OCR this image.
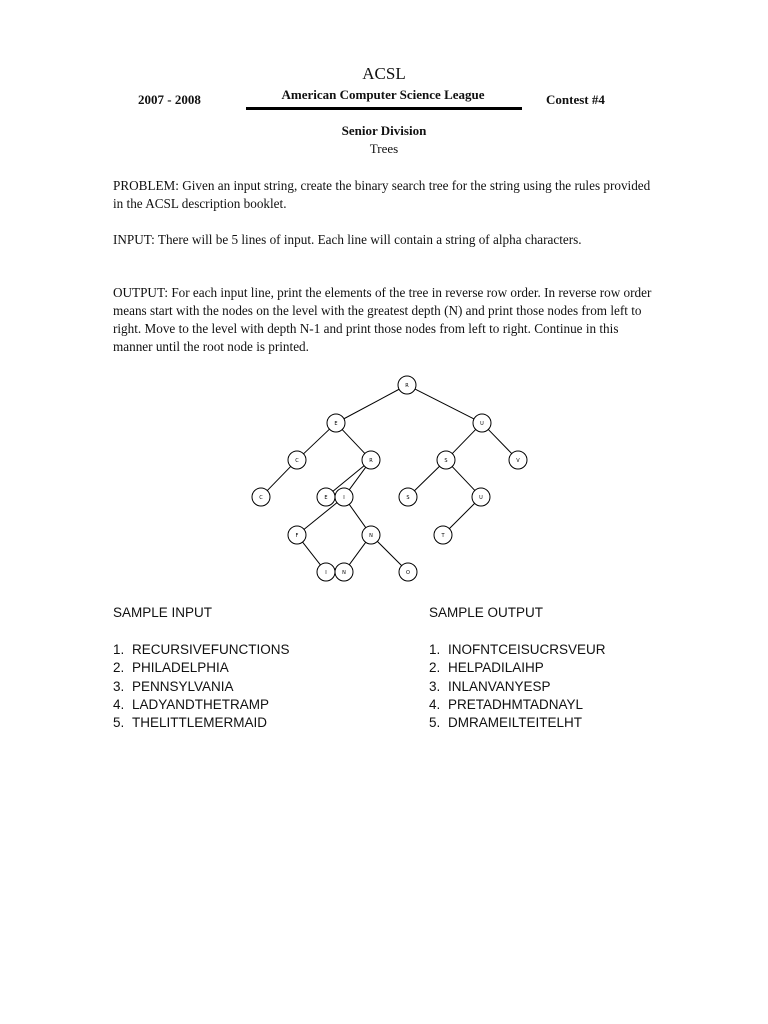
ACSL
2007 - 2008	American Computer Science League	Contest #4
Senior Division
Trees
PROBLEM: Given an input string, create the binary search tree for the string using the rules provided in the ACSL description booklet.
INPUT: There will be 5 lines of input. Each line will contain a string of alpha characters.
OUTPUT: For each input line, print the elements of the tree in reverse row order. In reverse row order means start with the nodes on the level with the greatest depth (N) and print those nodes from left to right. Move to the level with depth N-1 and print those nodes from left to right. Continue in this manner until the root node is printed.
R
E	U
C	R	S	V
C	E	I	S	U
F	N	T
I	N	O
SAMPLE INPUT	SAMPLE OUTPUT
1. RECURSIVEFUNCTIONS
2. PHILADELPHIA
3. PENNSYLVANIA
4. LADYANDTHETRAMP
5. THELITTLEMERMAID
1. INOFNTCEISUCRSVEUR
2. HELPADILAIHP
3. INLANVANYESP
4. PRETADHMTADNAYL
5. DMRAMEILTEITELHT
